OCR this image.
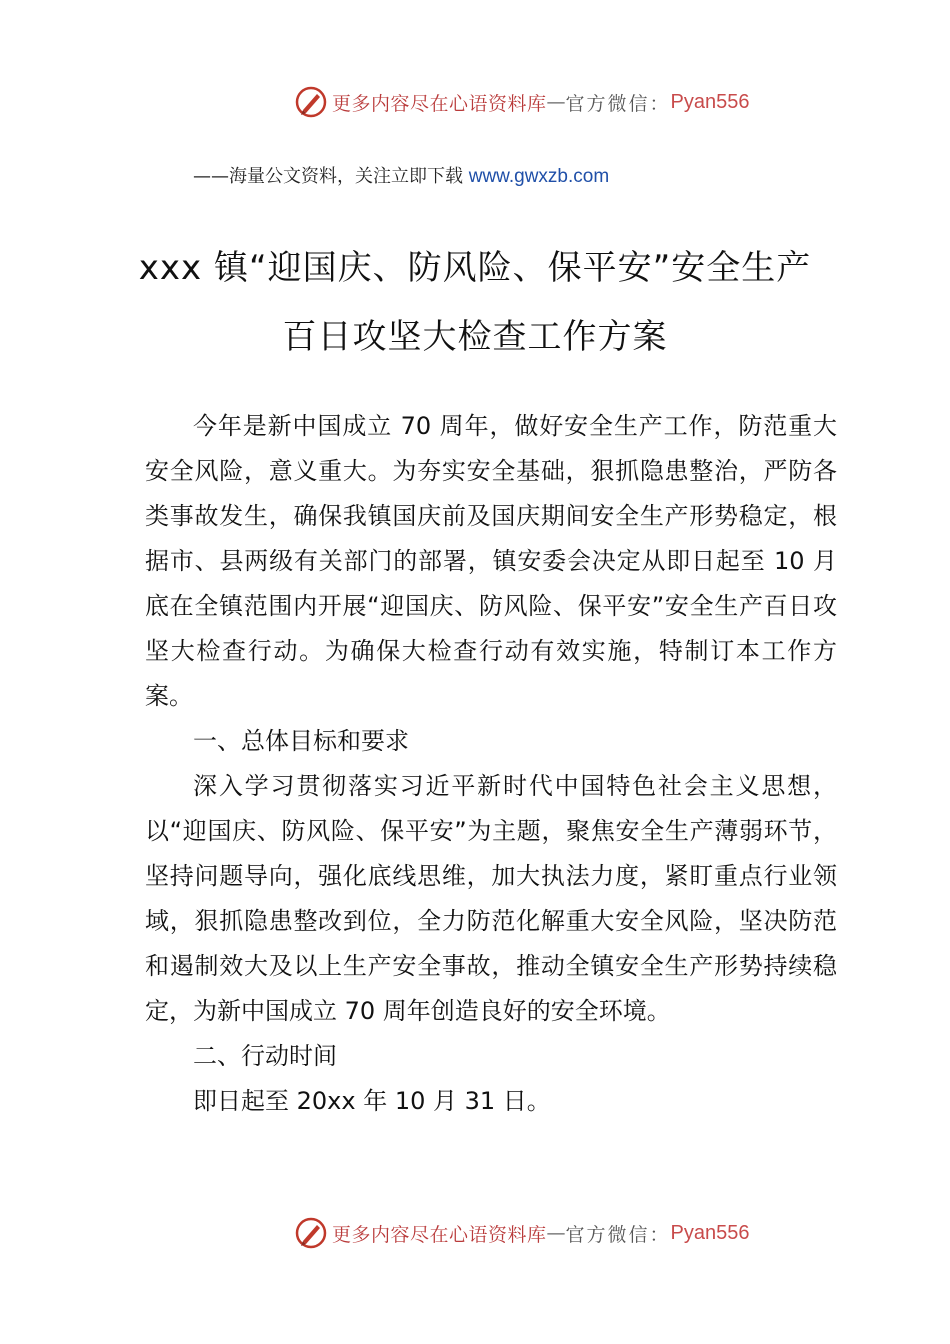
更多内容尽在心语资料库 — 官方微信： Pyan556
——海量公文资料，关注立即下载 www.gwxzb.com
xxx 镇“迎国庆、防风险、保平安”安全生产
百日攻坚大检查工作方案

今年是新中国成立 70 周年，做好安全生产工作，防范重大安全风险，意义重大。为夯实安全基础，狠抓隐患整治，严防各类事故发生，确保我镇国庆前及国庆期间安全生产形势稳定，根据市、县两级有关部门的部署，镇安委会决定从即日起至 10 月底在全镇范围内开展“迎国庆、防风险、保平安”安全生产百日攻坚大检查行动。为确保大检查行动有效实施，特制订本工作方案。

一、总体目标和要求

深入学习贯彻落实习近平新时代中国特色社会主义思想，以“迎国庆、防风险、保平安”为主题，聚焦安全生产薄弱环节，坚持问题导向，强化底线思维，加大执法力度，紧盯重点行业领域，狠抓隐患整改到位，全力防范化解重大安全风险，坚决防范和遏制效大及以上生产安全事故，推动全镇安全生产形势持续稳定，为新中国成立 70 周年创造良好的安全环境。

二、行动时间

即日起至 20xx 年 10 月 31 日。

更多内容尽在心语资料库 — 官方微信： Pyan556
